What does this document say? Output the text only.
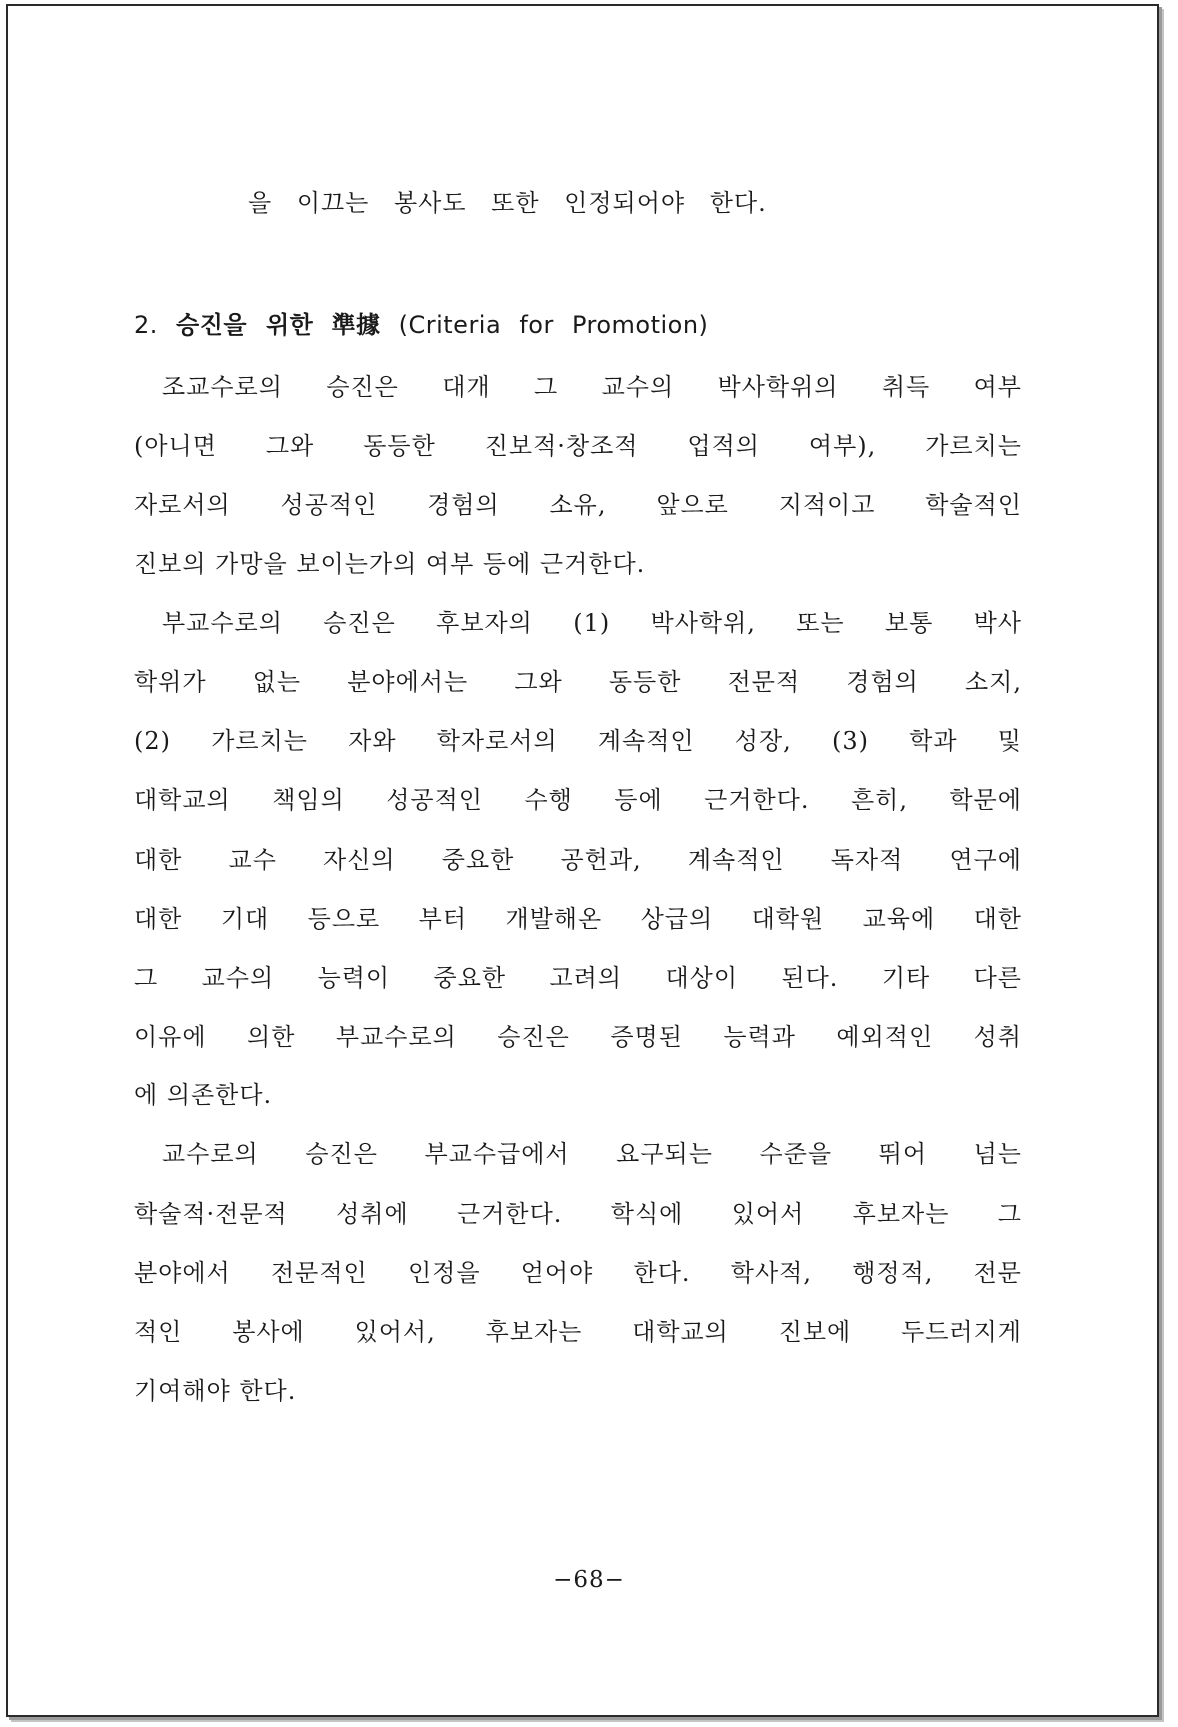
을 이끄는 봉사도 또한 인정되어야 한다.
2. 승진을 위한 準據 (Criteria for Promotion)
조교수로의 승진은 대개 그 교수의 박사학위의 취득 여부
(아니면 그와 동등한 진보적·창조적 업적의 여부), 가르치는
자로서의 성공적인 경험의 소유, 앞으로 지적이고 학술적인
진보의 가망을 보이는가의 여부 등에 근거한다.
부교수로의 승진은 후보자의 (1) 박사학위, 또는 보통 박사
학위가 없는 분야에서는 그와 동등한 전문적 경험의 소지,
(2) 가르치는 자와 학자로서의 계속적인 성장, (3) 학과 및
대학교의 책임의 성공적인 수행 등에 근거한다. 흔히, 학문에
대한 교수 자신의 중요한 공헌과, 계속적인 독자적 연구에
대한 기대 등으로 부터 개발해온 상급의 대학원 교육에 대한
그 교수의 능력이 중요한 고려의 대상이 된다. 기타 다른
이유에 의한 부교수로의 승진은 증명된 능력과 예외적인 성취
에 의존한다.
교수로의 승진은 부교수급에서 요구되는 수준을 뛰어 넘는
학술적·전문적 성취에 근거한다. 학식에 있어서 후보자는 그
분야에서 전문적인 인정을 얻어야 한다. 학사적, 행정적, 전문
적인 봉사에 있어서, 후보자는 대학교의 진보에 두드러지게
기여해야 한다.
−68−
